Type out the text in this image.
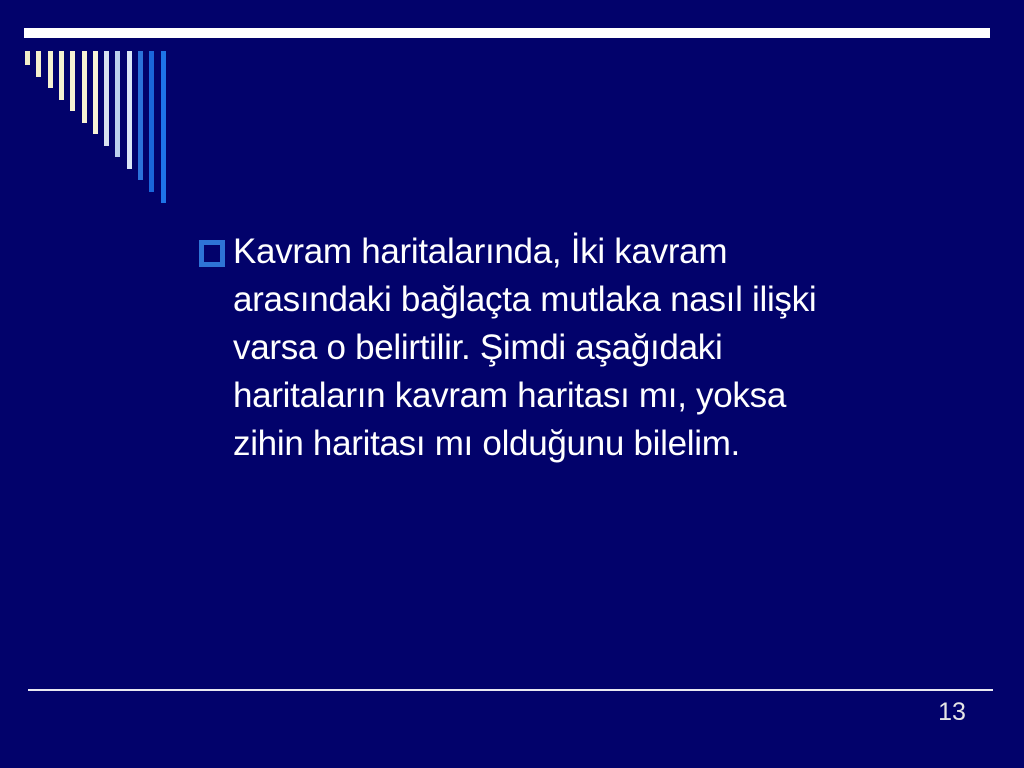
Kavram haritalarında, İki kavram
arasındaki bağlaçta mutlaka nasıl ilişki
varsa o belirtilir. Şimdi aşağıdaki
haritaların kavram haritası mı, yoksa
zihin haritası mı olduğunu bilelim.
13
